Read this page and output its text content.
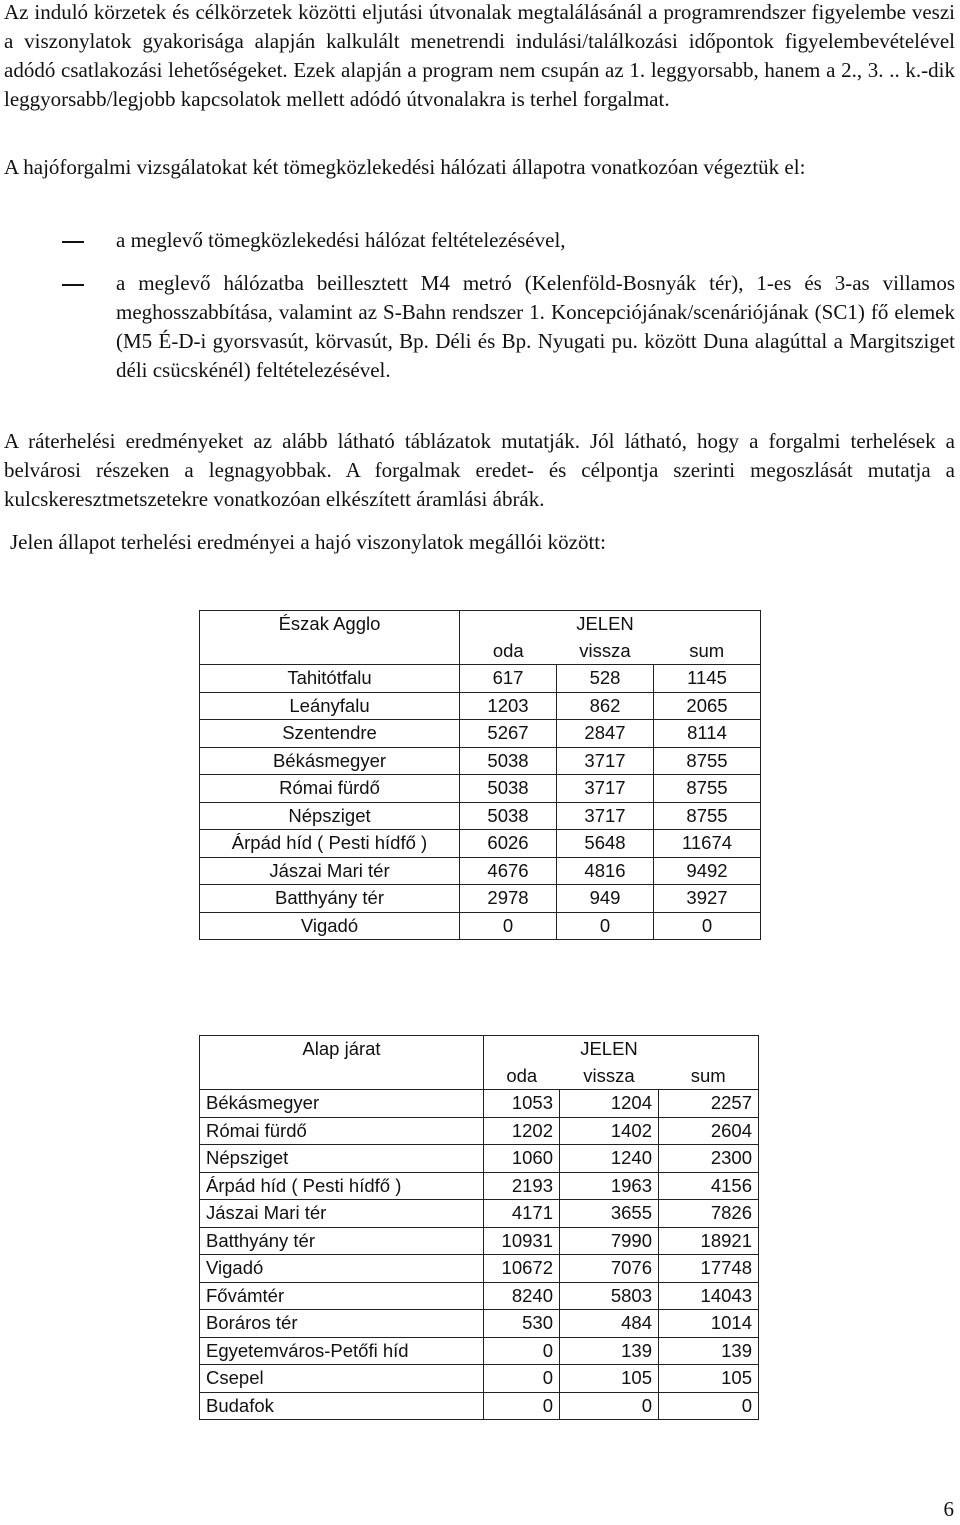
Az induló körzetek és célkörzetek közötti eljutási útvonalak megtalálásánál a programrendszer figyelembe veszi a viszonylatok gyakorisága alapján kalkulált menetrendi indulási/találkozási időpontok figyelembevételével adódó csatlakozási lehetőségeket. Ezek alapján a program nem csupán az 1. leggyorsabb, hanem a 2., 3. .. k.-dik leggyorsabb/legjobb kapcsolatok mellett adódó útvonalakra is terhel forgalmat.

A hajóforgalmi vizsgálatokat két tömegközlekedési hálózati állapotra vonatkozóan végeztük el:

a meglevő tömegközlekedési hálózat feltételezésével,

a meglevő hálózatba beillesztett M4 metró (Kelenföld-Bosnyák tér), 1-es és 3-as villamos meghosszabbítása, valamint az S-Bahn rendszer 1. Koncepciójának/scenáriójának (SC1) fő elemek (M5 É-D-i gyorsvasút, körvasút, Bp. Déli és Bp. Nyugati pu. között Duna alagúttal a Margitsziget déli csücskénél) feltételezésével.

A ráterhelési eredményeket az alább látható táblázatok mutatják. Jól látható, hogy a forgalmi terhelések a belvárosi részeken a legnagyobbak. A forgalmak eredet- és célpontja szerinti megoszlását mutatja a kulcskeresztmetszetekre vonatkozóan elkészített áramlási ábrák.

Jelen állapot terhelési eredményei a hajó viszonylatok megállói között:

Észak Agglo		JELEN	
	oda	vissza	sum
Tahitótfalu	617	528	1145
Leányfalu	1203	862	2065
Szentendre	5267	2847	8114
Békásmegyer	5038	3717	8755
Római fürdő	5038	3717	8755
Népsziget	5038	3717	8755
Árpád híd ( Pesti hídfő )	6026	5648	11674
Jászai Mari tér	4676	4816	9492
Batthyány tér	2978	949	3927
Vigadó	0	0	0
Alap járat		JELEN	
	oda	vissza	sum
Békásmegyer	1053	1204	2257
Római fürdő	1202	1402	2604
Népsziget	1060	1240	2300
Árpád híd ( Pesti hídfő )	2193	1963	4156
Jászai Mari tér	4171	3655	7826
Batthyány tér	10931	7990	18921
Vigadó	10672	7076	17748
Fővámtér	8240	5803	14043
Boráros tér	530	484	1014
Egyetemváros-Petőfi híd	0	139	139
Csepel	0	105	105
Budafok	0	0	0

6
